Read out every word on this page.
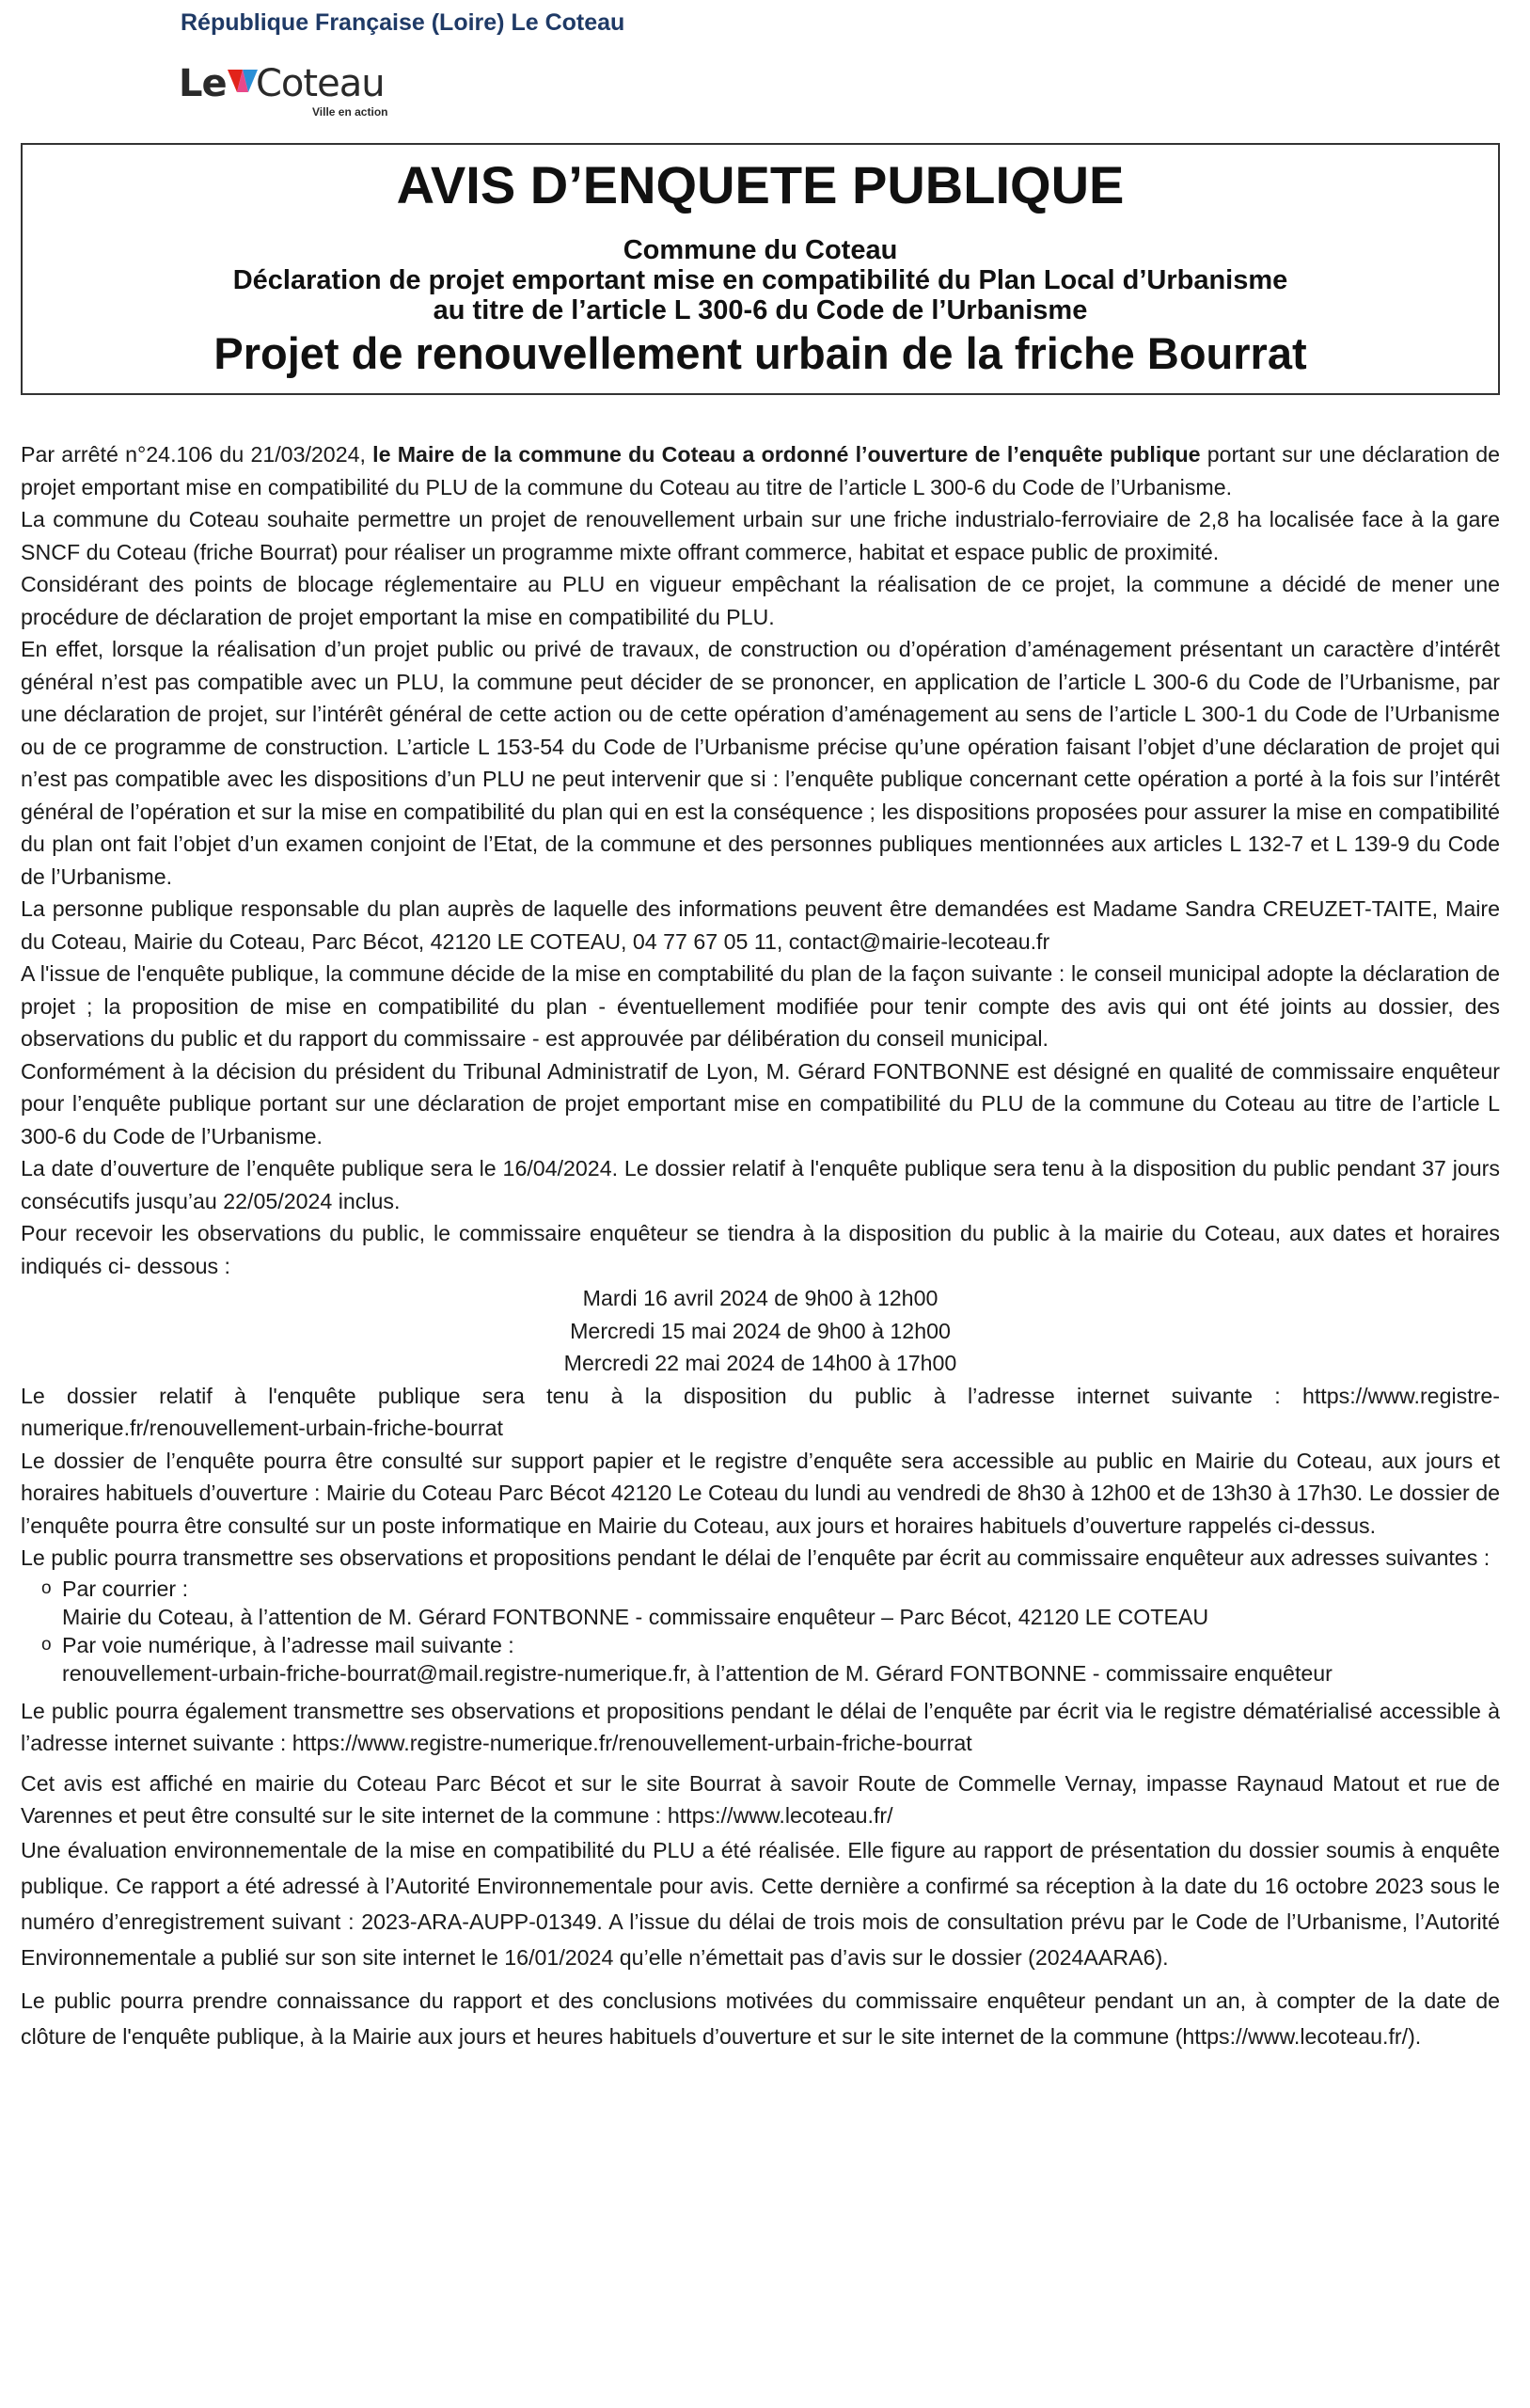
République Française (Loire) Le Coteau
Le Coteau
Ville en action
AVIS D’ENQUETE PUBLIQUE
Commune du Coteau
Déclaration de projet emportant mise en compatibilité du Plan Local d’Urbanisme
au titre de l’article L 300-6 du Code de l’Urbanisme
Projet de renouvellement urbain de la friche Bourrat

Par arrêté n°24.106 du 21/03/2024, le Maire de la commune du Coteau a ordonné l’ouverture de l’enquête publique portant sur une déclaration de projet emportant mise en compatibilité du PLU de la commune du Coteau au titre de l’article L 300-6 du Code de l’Urbanisme.

La commune du Coteau souhaite permettre un projet de renouvellement urbain sur une friche industrialo-ferroviaire de 2,8 ha localisée face à la gare SNCF du Coteau (friche Bourrat) pour réaliser un programme mixte offrant commerce, habitat et espace public de proximité.

Considérant des points de blocage réglementaire au PLU en vigueur empêchant la réalisation de ce projet, la commune a décidé de mener une procédure de déclaration de projet emportant la mise en compatibilité du PLU.

En effet, lorsque la réalisation d’un projet public ou privé de travaux, de construction ou d’opération d’aménagement présentant un caractère d’intérêt général n’est pas compatible avec un PLU, la commune peut décider de se prononcer, en application de l’article L 300-6 du Code de l’Urbanisme, par une déclaration de projet, sur l’intérêt général de cette action ou de cette opération d’aménagement au sens de l’article L 300-1 du Code de l’Urbanisme ou de ce programme de construction. L’article L 153-54 du Code de l’Urbanisme précise qu’une opération faisant l’objet d’une déclaration de projet qui n’est pas compatible avec les dispositions d’un PLU ne peut intervenir que si : l’enquête publique concernant cette opération a porté à la fois sur l’intérêt général de l’opération et sur la mise en compatibilité du plan qui en est la conséquence ; les dispositions proposées pour assurer la mise en compatibilité du plan ont fait l’objet d’un examen conjoint de l’Etat, de la commune et des personnes publiques mentionnées aux articles L 132-7 et L 139-9 du Code de l’Urbanisme.

La personne publique responsable du plan auprès de laquelle des informations peuvent être demandées est Madame Sandra CREUZET-TAITE, Maire du Coteau, Mairie du Coteau, Parc Bécot, 42120 LE COTEAU, 04 77 67 05 11, contact@mairie-lecoteau.fr

A l'issue de l'enquête publique, la commune décide de la mise en comptabilité du plan de la façon suivante : le conseil municipal adopte la déclaration de projet ; la proposition de mise en compatibilité du plan - éventuellement modifiée pour tenir compte des avis qui ont été joints au dossier, des observations du public et du rapport du commissaire - est approuvée par délibération du conseil municipal.

Conformément à la décision du président du Tribunal Administratif de Lyon, M. Gérard FONTBONNE est désigné en qualité de commissaire enquêteur pour l’enquête publique portant sur une déclaration de projet emportant mise en compatibilité du PLU de la commune du Coteau au titre de l’article L 300-6 du Code de l’Urbanisme.

La date d’ouverture de l’enquête publique sera le 16/04/2024. Le dossier relatif à l'enquête publique sera tenu à la disposition du public pendant 37 jours consécutifs jusqu’au 22/05/2024 inclus.

Pour recevoir les observations du public, le commissaire enquêteur se tiendra à la disposition du public à la mairie du Coteau, aux dates et horaires indiqués ci- dessous :

Mardi 16 avril 2024 de 9h00 à 12h00

Mercredi 15 mai 2024 de 9h00 à 12h00

Mercredi 22 mai 2024 de 14h00 à 17h00

Le dossier relatif à l'enquête publique sera tenu à la disposition du public à l’adresse internet suivante : https://www.registre-numerique.fr/renouvellement-urbain-friche-bourrat

Le dossier de l’enquête pourra être consulté sur support papier et le registre d’enquête sera accessible au public en Mairie du Coteau, aux jours et horaires habituels d’ouverture : Mairie du Coteau Parc Bécot 42120 Le Coteau du lundi au vendredi de 8h30 à 12h00 et de 13h30 à 17h30. Le dossier de l’enquête pourra être consulté sur un poste informatique en Mairie du Coteau, aux jours et horaires habituels d’ouverture rappelés ci-dessus.

Le public pourra transmettre ses observations et propositions pendant le délai de l’enquête par écrit au commissaire enquêteur aux adresses suivantes :

o Par courrier :
Mairie du Coteau, à l’attention de M. Gérard FONTBONNE - commissaire enquêteur – Parc Bécot, 42120 LE COTEAU
o Par voie numérique, à l’adresse mail suivante :
renouvellement-urbain-friche-bourrat@mail.registre-numerique.fr, à l’attention de M. Gérard FONTBONNE - commissaire enquêteur

Le public pourra également transmettre ses observations et propositions pendant le délai de l’enquête par écrit via le registre dématérialisé accessible à l’adresse internet suivante : https://www.registre-numerique.fr/renouvellement-urbain-friche-bourrat

Cet avis est affiché en mairie du Coteau Parc Bécot et sur le site Bourrat à savoir Route de Commelle Vernay, impasse Raynaud Matout et rue de Varennes et peut être consulté sur le site internet de la commune : https://www.lecoteau.fr/

Une évaluation environnementale de la mise en compatibilité du PLU a été réalisée. Elle figure au rapport de présentation du dossier soumis à enquête publique. Ce rapport a été adressé à l’Autorité Environnementale pour avis. Cette dernière a confirmé sa réception à la date du 16 octobre 2023 sous le numéro d’enregistrement suivant : 2023-ARA-AUPP-01349. A l’issue du délai de trois mois de consultation prévu par le Code de l’Urbanisme, l’Autorité Environnementale a publié sur son site internet le 16/01/2024 qu’elle n’émettait pas d’avis sur le dossier (2024AARA6).

Le public pourra prendre connaissance du rapport et des conclusions motivées du commissaire enquêteur pendant un an, à compter de la date de clôture de l'enquête publique, à la Mairie aux jours et heures habituels d’ouverture et sur le site internet de la commune (https://www.lecoteau.fr/).
